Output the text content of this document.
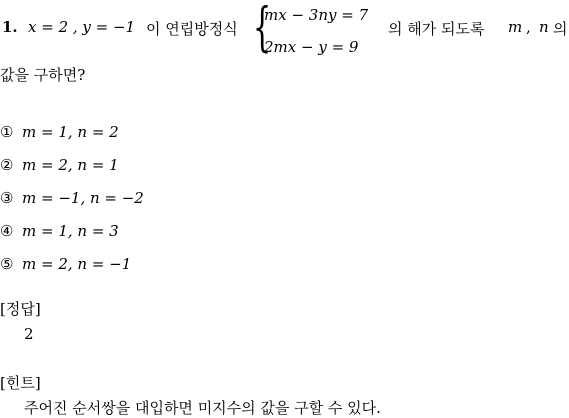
1. x = 2 , y = −1 이 연립방정식 {
mx − 3ny = 7
2mx − y = 9
의 해가 되도록 m , n 의
값을 구하면?
① m = 1, n = 2
② m = 2, n = 1
③ m = −1, n = −2
④ m = 1, n = 3
⑤ m = 2, n = −1
[정답]
2
[힌트]
주어진 순서쌍을 대입하면 미지수의 값을 구할 수 있다.
